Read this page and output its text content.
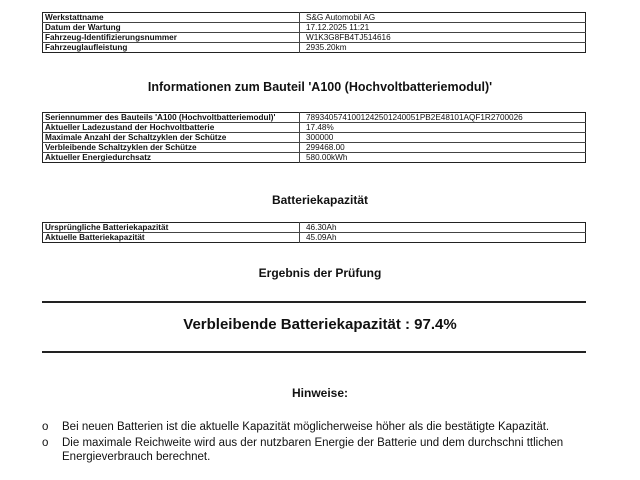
Werkstattname	S&G Automobil AG
Datum der Wartung	17.12.2025 11:21
Fahrzeug-Identifizierungsnummer	W1K3G8FB4TJ514616
Fahrzeuglaufleistung	2935.20km
Informationen zum Bauteil 'A100 (Hochvoltbatteriemodul)'
Seriennummer des Bauteils 'A100 (Hochvoltbatteriemodul)'	7893405741001242501240051PB2E48101AQF1R2700026
Aktueller Ladezustand der Hochvoltbatterie	17.48%
Maximale Anzahl der Schaltzyklen der Schütze	300000
Verbleibende Schaltzyklen der Schütze	299468.00
Aktueller Energiedurchsatz	580.00kWh
Batteriekapazität
Ursprüngliche Batteriekapazität	46.30Ah
Aktuelle Batteriekapazität	45.09Ah
Ergebnis der Prüfung
Verbleibende Batteriekapazität : 97.4%
Hinweise:
o Bei neuen Batterien ist die aktuelle Kapazität möglicherweise höher als die bestätigte Kapazität.
o Die maximale Reichweite wird aus der nutzbaren Energie der Batterie und dem durchschni ttlichen Energieverbrauch berechnet.
